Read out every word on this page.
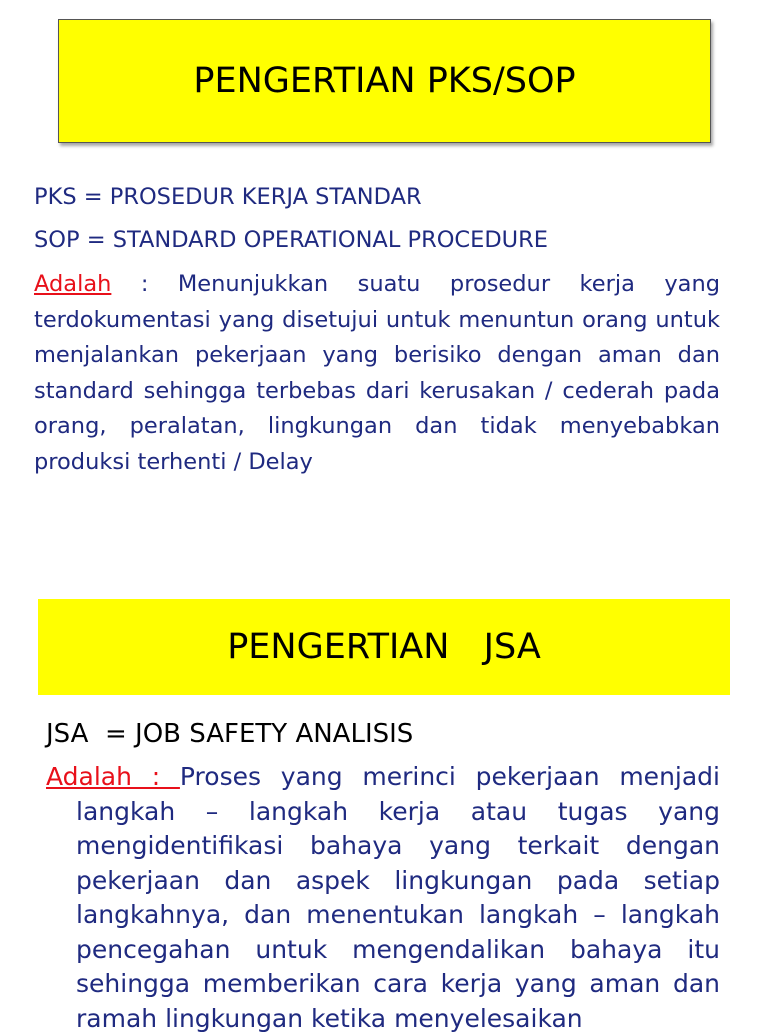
PENGERTIAN PKS/SOP

PKS = PROSEDUR KERJA STANDAR

SOP = STANDARD OPERATIONAL PROCEDURE

Adalah : Menunjukkan suatu prosedur kerja yang terdokumentasi yang disetujui untuk menuntun orang untuk menjalankan pekerjaan yang berisiko dengan aman dan standard sehingga terbebas dari kerusakan / cederah pada orang, peralatan, lingkungan dan tidak menyebabkan produksi terhenti / Delay

PENGERTIAN  JSA

JSA  = JOB SAFETY ANALISIS

Adalah : Proses yang merinci pekerjaan menjadi langkah – langkah kerja atau tugas yang mengidentifikasi bahaya yang terkait dengan pekerjaan dan aspek lingkungan pada setiap langkahnya, dan menentukan langkah – langkah pencegahan untuk mengendalikan bahaya itu sehingga memberikan cara kerja yang aman dan ramah lingkungan ketika menyelesaikan
